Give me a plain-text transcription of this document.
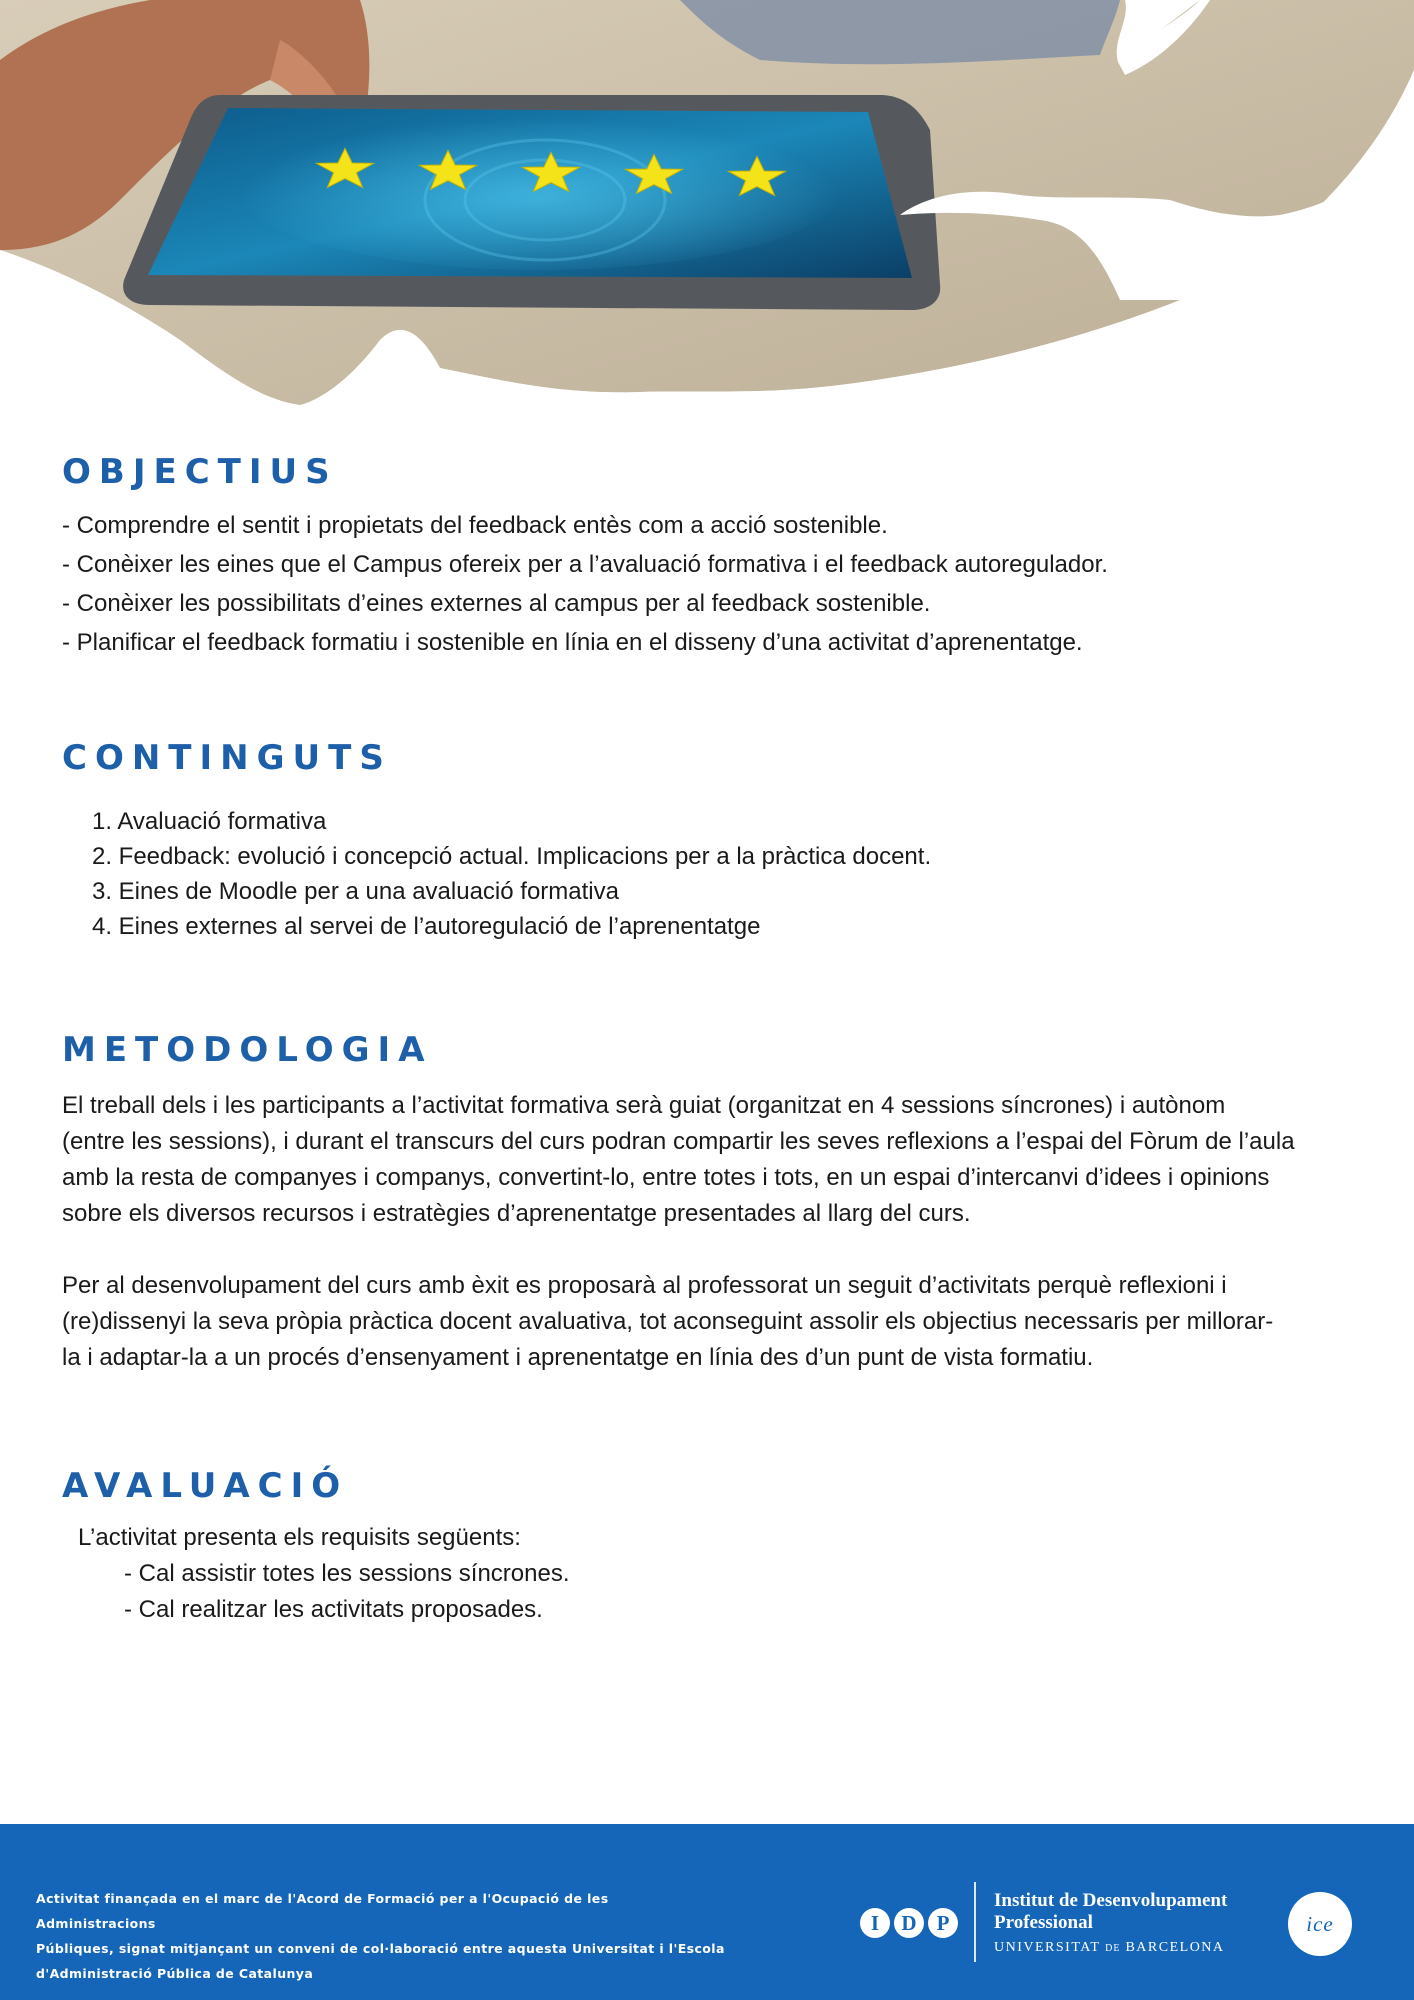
OBJECTIUS
- Comprendre el sentit i propietats del feedback entès com a acció sostenible.
- Conèixer les eines que el Campus ofereix per a l’avaluació formativa i el feedback autoregulador.
- Conèixer les possibilitats d’eines externes al campus per al feedback sostenible.
- Planificar el feedback formatiu i sostenible en línia en el disseny d’una activitat d’aprenentatge.
CONTINGUTS
1. Avaluació formativa
2. Feedback: evolució i concepció actual. Implicacions per a la pràctica docent.
3. Eines de Moodle per a una avaluació formativa
4. Eines externes al servei de l’autoregulació de l’aprenentatge
METODOLOGIA
El treball dels i les participants a l’activitat formativa serà guiat (organitzat en 4 sessions síncrones) i autònom
(entre les sessions), i durant el transcurs del curs podran compartir les seves reflexions a l’espai del Fòrum de l’aula
amb la resta de companyes i companys, convertint-lo, entre totes i tots, en un espai d’intercanvi d’idees i opinions
sobre els diversos recursos i estratègies d’aprenentatge presentades al llarg del curs.
Per al desenvolupament del curs amb èxit es proposarà al professorat un seguit d’activitats perquè reflexioni i
(re)dissenyi la seva pròpia pràctica docent avaluativa, tot aconseguint assolir els objectius necessaris per millorar-
la i adaptar-la a un procés d’ensenyament i aprenentatge en línia des d’un punt de vista formatiu.
AVALUACIÓ
L’activitat presenta els requisits següents:
- Cal assistir totes les sessions síncrones.
- Cal realitzar les activitats proposades.
Activitat finançada en el marc de l'Acord de Formació per a l'Ocupació de les Administracions
Públiques, signat mitjançant un conveni de col·laboració entre aquesta Universitat i l'Escola
d'Administració Pública de Catalunya
I	D P
Institut de Desenvolupament
Professional
UNIVERSITAT DE BARCELONA
ice
